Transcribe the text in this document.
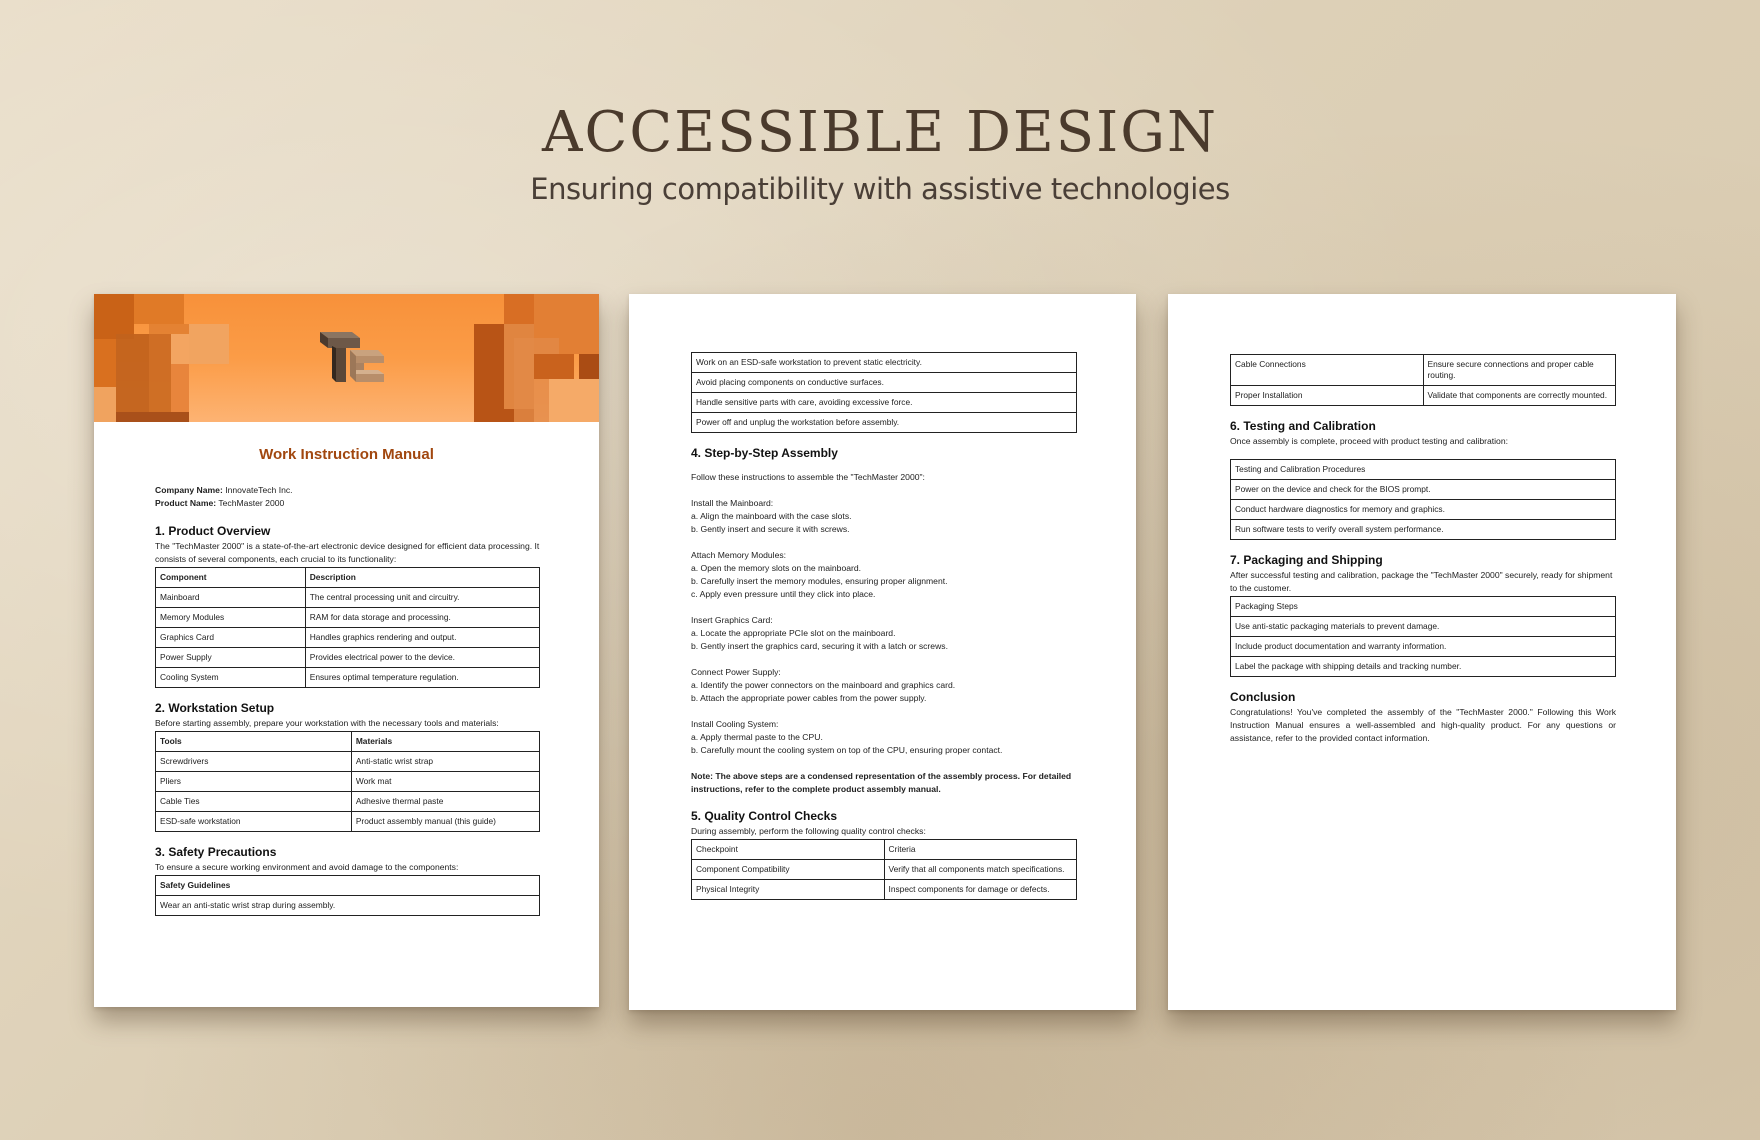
ACCESSIBLE DESIGN
Ensuring compatibility with assistive technologies
Work Instruction Manual
Company Name: InnovateTech Inc.
Product Name: TechMaster 2000
1. Product Overview

The "TechMaster 2000" is a state-of-the-art electronic device designed for efficient data processing. It consists of several components, each crucial to its functionality:

Component	Description
Mainboard	The central processing unit and circuitry.
Memory Modules	RAM for data storage and processing.
Graphics Card	Handles graphics rendering and output.
Power Supply	Provides electrical power to the device.
Cooling System	Ensures optimal temperature regulation.
2. Workstation Setup

Before starting assembly, prepare your workstation with the necessary tools and materials:

Tools	Materials
Screwdrivers	Anti-static wrist strap
Pliers	Work mat
Cable Ties	Adhesive thermal paste
ESD-safe workstation	Product assembly manual (this guide)
3. Safety Precautions

To ensure a secure working environment and avoid damage to the components:

Safety Guidelines
Wear an anti-static wrist strap during assembly.
Work on an ESD-safe workstation to prevent static electricity.
Avoid placing components on conductive surfaces.
Handle sensitive parts with care, avoiding excessive force.
Power off and unplug the workstation before assembly.
4. Step-by-Step Assembly
Follow these instructions to assemble the "TechMaster 2000":
Install the Mainboard:
a. Align the mainboard with the case slots.
b. Gently insert and secure it with screws.
Attach Memory Modules:
a. Open the memory slots on the mainboard.
b. Carefully insert the memory modules, ensuring proper alignment.
c. Apply even pressure until they click into place.
Insert Graphics Card:
a. Locate the appropriate PCIe slot on the mainboard.
b. Gently insert the graphics card, securing it with a latch or screws.
Connect Power Supply:
a. Identify the power connectors on the mainboard and graphics card.
b. Attach the appropriate power cables from the power supply.
Install Cooling System:
a. Apply thermal paste to the CPU.
b. Carefully mount the cooling system on top of the CPU, ensuring proper contact.
Note: The above steps are a condensed representation of the assembly process. For detailed instructions, refer to the complete product assembly manual.
5. Quality Control Checks

During assembly, perform the following quality control checks:

Checkpoint	Criteria
Component Compatibility	Verify that all components match specifications.
Physical Integrity	Inspect components for damage or defects.
Cable Connections	Ensure secure connections and proper cable routing.
Proper Installation	Validate that components are correctly mounted.
6. Testing and Calibration

Once assembly is complete, proceed with product testing and calibration:

Testing and Calibration Procedures
Power on the device and check for the BIOS prompt.
Conduct hardware diagnostics for memory and graphics.
Run software tests to verify overall system performance.
7. Packaging and Shipping

After successful testing and calibration, package the "TechMaster 2000" securely, ready for shipment to the customer.

Packaging Steps
Use anti-static packaging materials to prevent damage.
Include product documentation and warranty information.
Label the package with shipping details and tracking number.
Conclusion

Congratulations! You've completed the assembly of the "TechMaster 2000." Following this Work Instruction Manual ensures a well-assembled and high-quality product. For any questions or assistance, refer to the provided contact information.
